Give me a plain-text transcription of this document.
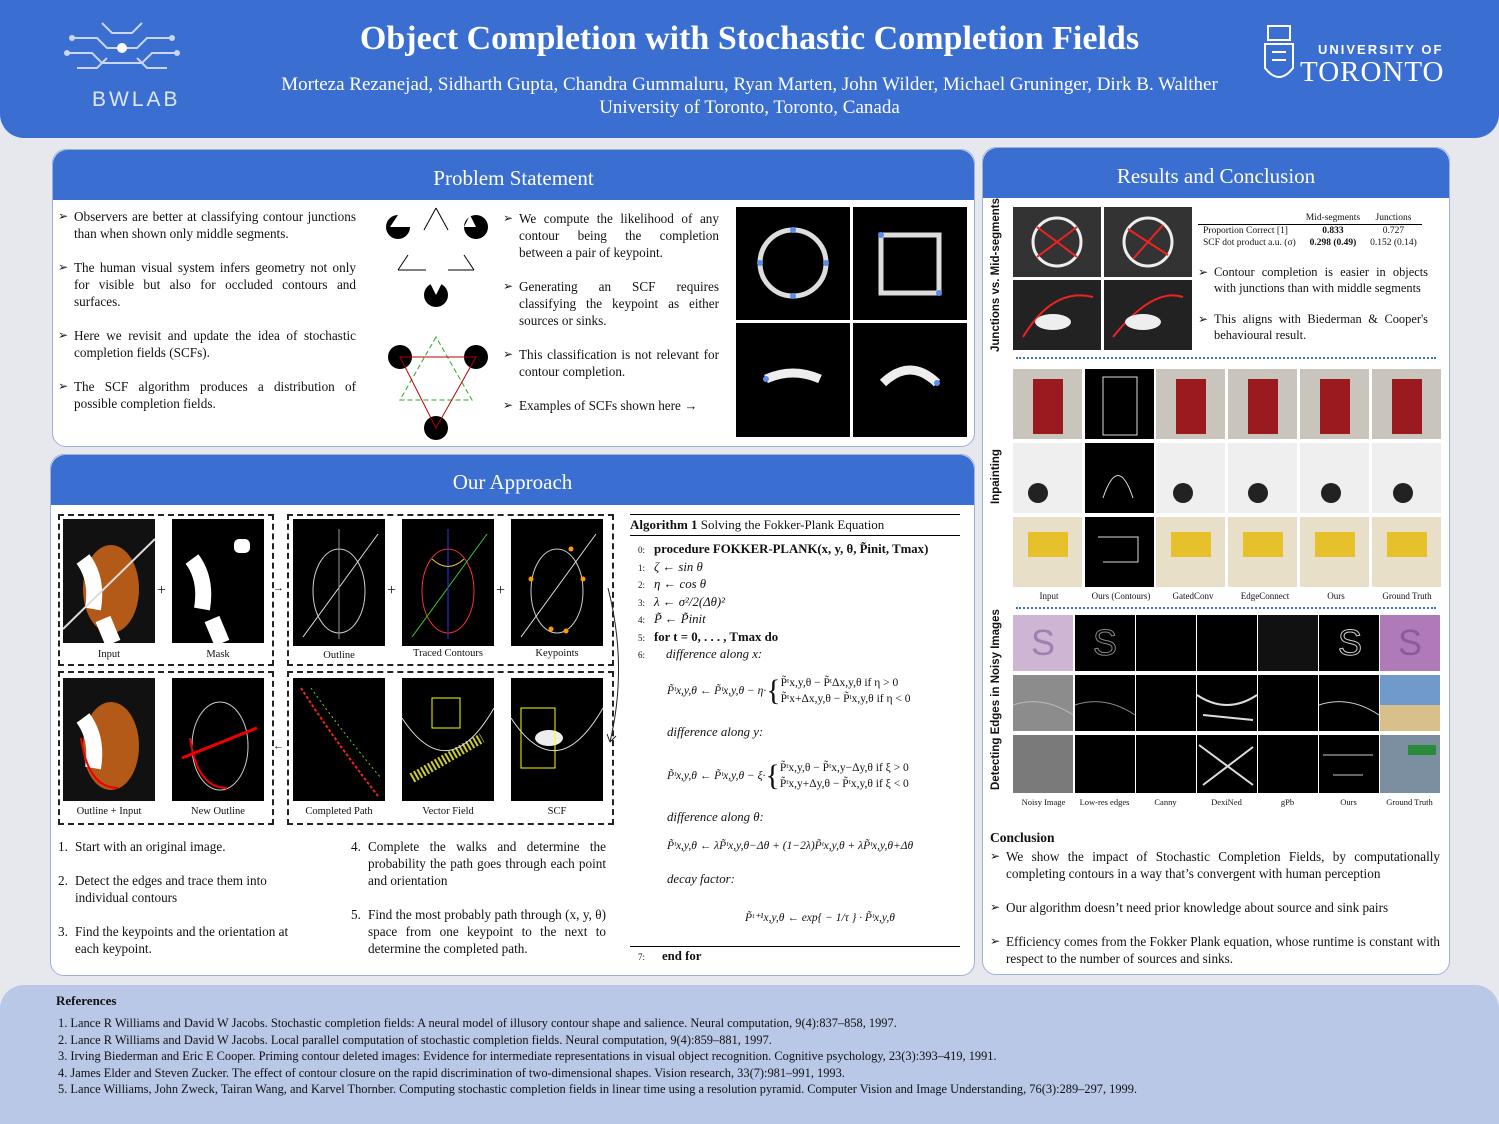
BWLAB
Object Completion with Stochastic Completion Fields
Morteza Rezanejad, Sidharth Gupta, Chandra Gummaluru, Ryan Marten, John Wilder, Michael Gruninger, Dirk B. Walther
University of Toronto, Toronto, Canada
UNIVERSITY OF
TORONTO
Problem Statement
➢ Observers are better at classifying contour junctions than when shown only middle segments.
➢ The human visual system infers geometry not only for visible but also for occluded contours and surfaces.
➢ Here we revisit and update the idea of stochastic completion fields (SCFs).
➢ The SCF algorithm produces a distribution of possible completion fields.
➢ We compute the likelihood of any contour being the completion between a pair of keypoint.
➢ Generating an SCF requires classifying the keypoint as either sources or sinks.
➢ This classification is not relevant for contour completion.
➢ Examples of SCFs shown here →
Our Approach
+
Input	Mask
→	+	+
Outline	Traced Contours	Keypoints
Outline + Input	New Outline
←
Completed Path	Vector Field	SCF
1. Start with an original image.
2. Detect the edges and trace them into individual contours
3. Find the keypoints and the orientation at each keypoint.
4. Complete the walks and determine the probability the path goes through each point and orientation
5. Find the most probably path through (x, y, θ) space from one keypoint to the next to determine the completed path.
Algorithm 1 Solving the Fokker-Plank Equation
0: procedure FOKKER-PLANK(x, y, θ, P̃init, Tmax)
1: ζ ← sin θ
2: η ← cos θ
3: λ ← σ²/2(Δθ)²
4: P̃ ← P̃init
5: for t = 0, . . . , Tmax do
6: difference along x:
P̃ᵗx,y,θ ← P̃ᵗx,y,θ − η· { P̃ᵗx,y,θ − P̃ᵗΔx,y,θ if η > 0
P̃ᵗx+Δx,y,θ − P̃ᵗx,y,θ if η < 0
difference along y:
P̃ᵗx,y,θ ← P̃ᵗx,y,θ − ξ· { P̃ᵗx,y,θ − P̃ᵗx,y−Δy,θ if ξ > 0
P̃ᵗx,y+Δy,θ − P̃ᵗx,y,θ if ξ < 0
difference along θ:
P̃ᵗx,y,θ ← λP̃ᵗx,y,θ−Δθ + (1−2λ)P̃ᵗx,y,θ + λP̃ᵗx,y,θ+Δθ
decay factor:
P̃ᵗ⁺¹x,y,θ ← exp{ − 1/τ } · P̃ᵗx,y,θ
7: end for
Results and Conclusion
Junctions vs. Mid-segments
		Mid-segments	Junctions
Proportion Correct [1]	0.833	0.727
SCF dot product a.u. (σ)	0.298 (0.49)	0.152 (0.14)
➢ Contour completion is easier in objects with junctions than with middle segments
➢ This aligns with Biederman & Cooper's behavioural result.
Inpainting
Input	Ours (Contours)	GatedConv	EdgeConnect	Ours	Ground Truth
Detecting Edges in Noisy Images S S	S S
Noisy Image	Low-res edges	Canny	DexiNed	gPb	Ours	Ground Truth
Conclusion
➢ We show the impact of Stochastic Completion Fields, by computationally completing contours in a way that’s convergent with human perception
➢ Our algorithm doesn’t need prior knowledge about source and sink pairs
➢ Efficiency comes from the Fokker Plank equation, whose runtime is constant with respect to the number of sources and sinks.
References
1. Lance R Williams and David W Jacobs. Stochastic completion fields: A neural model of illusory contour shape and salience. Neural computation, 9(4):837–858, 1997.
2. Lance R Williams and David W Jacobs. Local parallel computation of stochastic completion fields. Neural computation, 9(4):859–881, 1997.
3. Irving Biederman and Eric E Cooper. Priming contour deleted images: Evidence for intermediate representations in visual object recognition. Cognitive psychology, 23(3):393–419, 1991.
4. James Elder and Steven Zucker. The effect of contour closure on the rapid discrimination of two-dimensional shapes. Vision research, 33(7):981–991, 1993.
5. Lance Williams, John Zweck, Tairan Wang, and Karvel Thornber. Computing stochastic completion fields in linear time using a resolution pyramid. Computer Vision and Image Understanding, 76(3):289–297, 1999.
